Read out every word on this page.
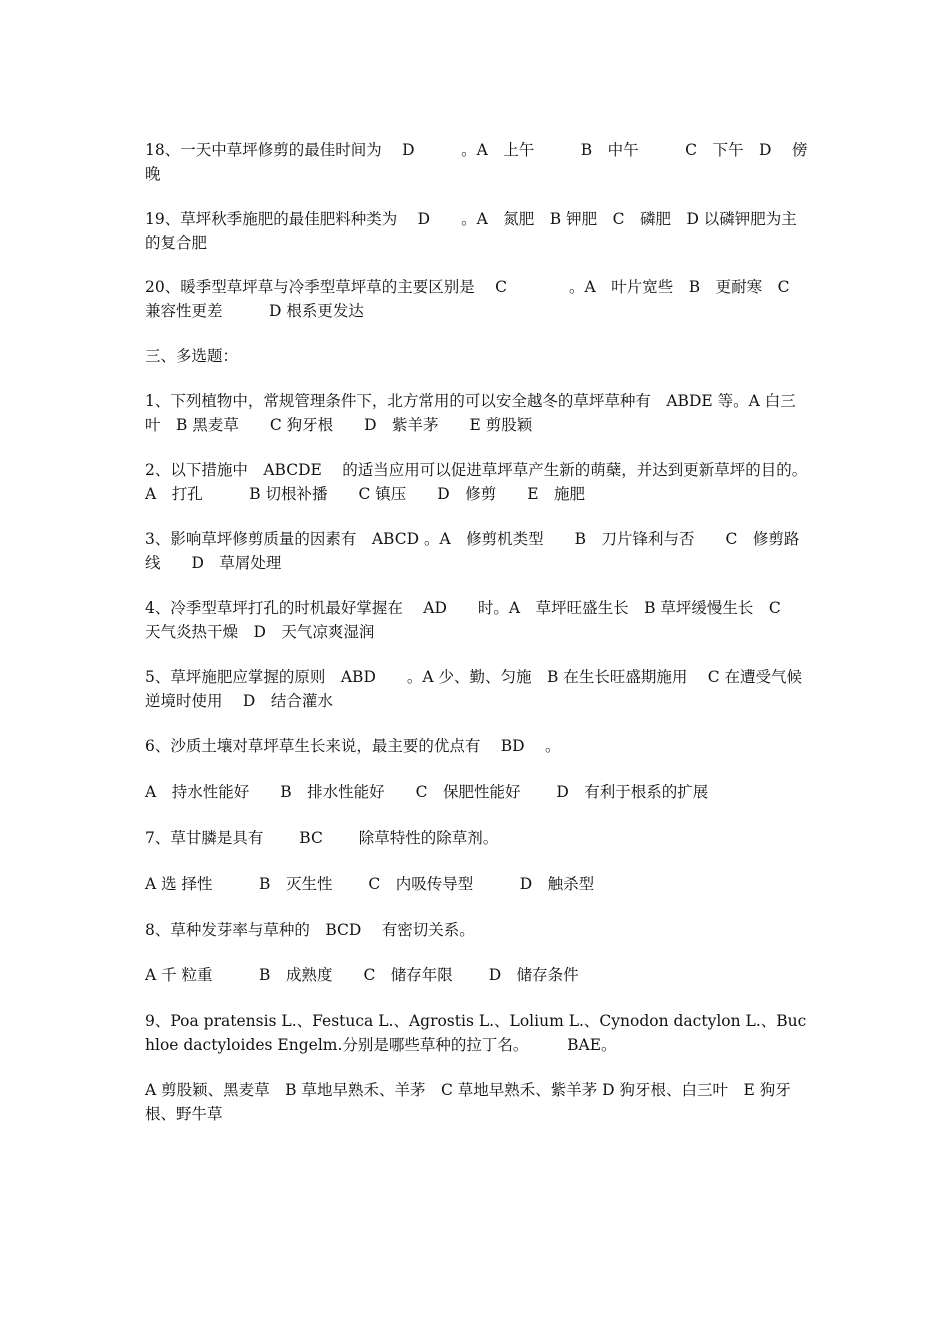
18、一天中草坪修剪的最佳时间为　 D　　　。A　上午　　　B　中午　　　C　下午　D　 傍晚

19、草坪秋季施肥的最佳肥料种类为　 D　　。A　氮肥　B 钾肥　C　磷肥　D 以磷钾肥为主的复合肥

20、暖季型草坪草与冷季型草坪草的主要区别是　 C　　　　。A　叶片宽些　B　更耐寒　C　兼容性更差　　　D 根系更发达

三、多选题：

1、下列植物中，常规管理条件下，北方常用的可以安全越冬的草坪草种有　ABDE 等。A 白三叶　B 黑麦草　　C 狗牙根　　D　紫羊茅　　E 剪股颖

2、以下措施中　ABCDE　 的适当应用可以促进草坪草产生新的萌蘖，并达到更新草坪的目的。A　打孔　　　B 切根补播　　C 镇压　　D　修剪　　E　施肥

3、影响草坪修剪质量的因素有　ABCD 。A　修剪机类型　　B　刀片锋利与否　　C　修剪路线　　D　草屑处理

4、冷季型草坪打孔的时机最好掌握在　 AD　　时。A　草坪旺盛生长　B 草坪缓慢生长　C　天气炎热干燥　D　天气凉爽湿润

5、草坪施肥应掌握的原则　ABD　　。A 少、勤、匀施　B 在生长旺盛期施用　 C 在遭受气候逆境时使用　 D　结合灌水

6、沙质土壤对草坪草生长来说，最主要的优点有　 BD　 。

A　持水性能好　　B　排水性能好　　C　保肥性能好　　 D　有利于根系的扩展

7、草甘膦是具有　　 BC　　 除草特性的除草剂。

A 选 择性　　　B　灭生性　　 C　内吸传导型　　　D　触杀型

8、草种发芽率与草种的　BCD　 有密切关系。

A 千 粒重　　　B　成熟度　　C　储存年限　　 D　储存条件

9、Poa pratensis L.、Festuca L.、Agrostis L.、Lolium L.、Cynodon dactylon L.、Buchloe dactyloides Engelm.分别是哪些草种的拉丁名。　　　BAE。

A 剪股颖、黑麦草　B 草地早熟禾、羊茅　C 草地早熟禾、紫羊茅 D 狗牙根、白三叶　E 狗牙根、野牛草
